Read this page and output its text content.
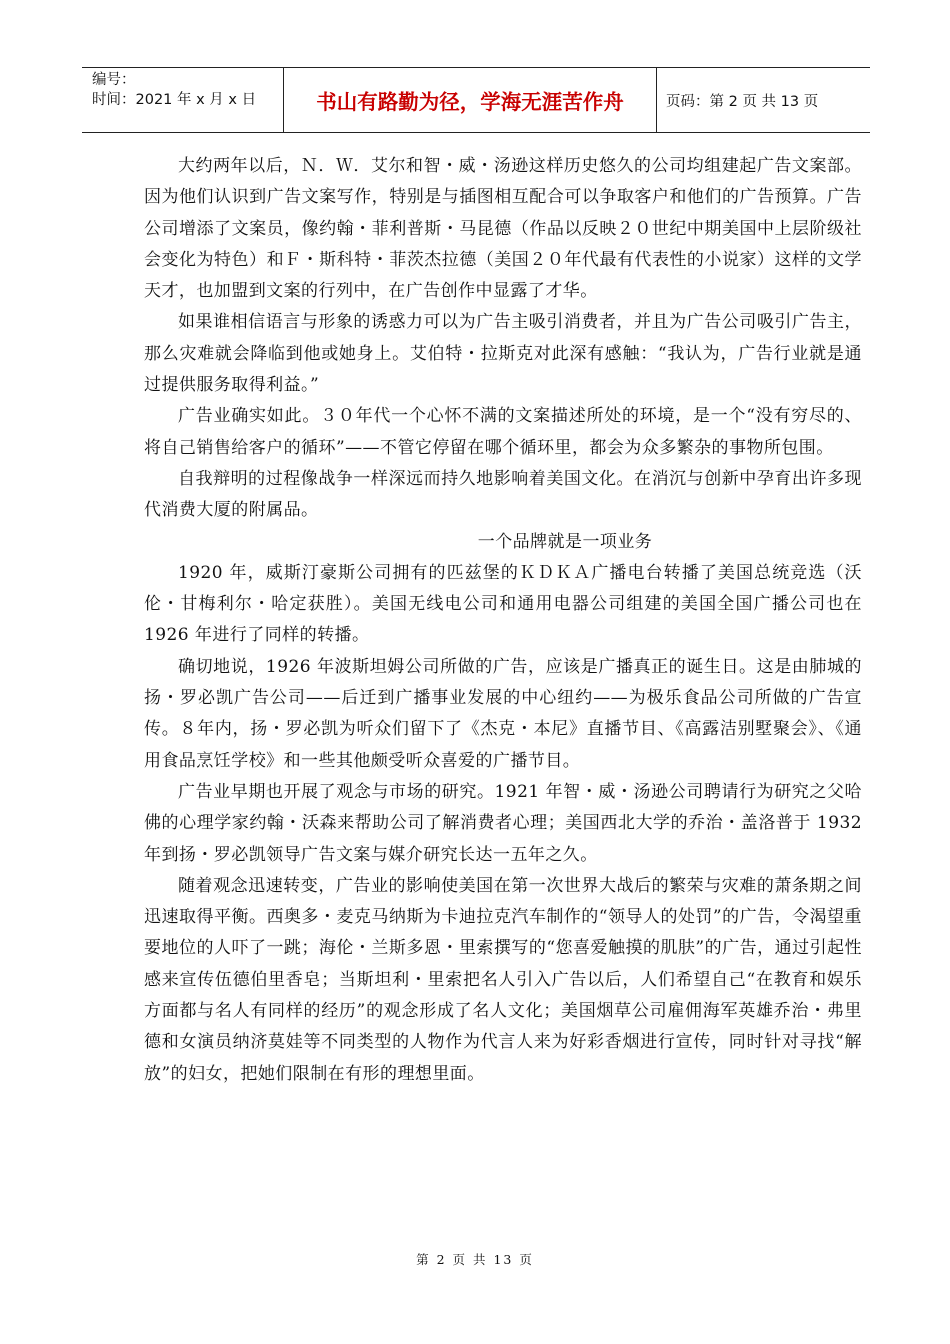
编号：
时间：2021 年 x 月 x 日	书山有路勤为径，学海无涯苦作舟	页码：第 2 页 共 13 页

大约两年以后，Ｎ．Ｗ．艾尔和智・威・汤逊这样历史悠久的公司均组建起广告文案部。因为他们认识到广告文案写作，特别是与插图相互配合可以争取客户和他们的广告预算。广告公司增添了文案员，像约翰・菲利普斯・马昆德（作品以反映２０世纪中期美国中上层阶级社会变化为特色）和Ｆ・斯科特・菲茨杰拉德（美国２０年代最有代表性的小说家）这样的文学天才，也加盟到文案的行列中，在广告创作中显露了才华。

如果谁相信语言与形象的诱惑力可以为广告主吸引消费者，并且为广告公司吸引广告主，那么灾难就会降临到他或她身上。艾伯特・拉斯克对此深有感触：“我认为，广告行业就是通过提供服务取得利益。”

广告业确实如此。３０年代一个心怀不满的文案描述所处的环境，是一个“没有穷尽的、将自己销售给客户的循环”——不管它停留在哪个循环里，都会为众多繁杂的事物所包围。

自我辩明的过程像战争一样深远而持久地影响着美国文化。在消沉与创新中孕育出许多现代消费大厦的附属品。

一个品牌就是一项业务

1920 年，威斯汀豪斯公司拥有的匹兹堡的ＫＤＫＡ广播电台转播了美国总统竞选（沃伦・甘梅利尔・哈定获胜）。美国无线电公司和通用电器公司组建的美国全国广播公司也在 1926 年进行了同样的转播。

确切地说，1926 年波斯坦姆公司所做的广告，应该是广播真正的诞生日。这是由肺城的扬・罗必凯广告公司——后迁到广播事业发展的中心纽约——为极乐食品公司所做的广告宣传。８年内，扬・罗必凯为听众们留下了《杰克・本尼》直播节目、《高露洁别墅聚会》、《通用食品烹饪学校》和一些其他颇受听众喜爱的广播节目。

广告业早期也开展了观念与市场的研究。1921 年智・威・汤逊公司聘请行为研究之父哈佛的心理学家约翰・沃森来帮助公司了解消费者心理；美国西北大学的乔治・盖洛普于 1932 年到扬・罗必凯领导广告文案与媒介研究长达一五年之久。

随着观念迅速转变，广告业的影响使美国在第一次世界大战后的繁荣与灾难的萧条期之间迅速取得平衡。西奥多・麦克马纳斯为卡迪拉克汽车制作的“领导人的处罚”的广告，令渴望重要地位的人吓了一跳；海伦・兰斯多恩・里索撰写的“您喜爱触摸的肌肤”的广告，通过引起性感来宣传伍德伯里香皂；当斯坦利・里索把名人引入广告以后，人们希望自己“在教育和娱乐方面都与名人有同样的经历”的观念形成了名人文化；美国烟草公司雇佣海军英雄乔治・弗里德和女演员纳济莫娃等不同类型的人物作为代言人来为好彩香烟进行宣传，同时针对寻找“解放”的妇女，把她们限制在有形的理想里面。

第 2 页 共 13 页
